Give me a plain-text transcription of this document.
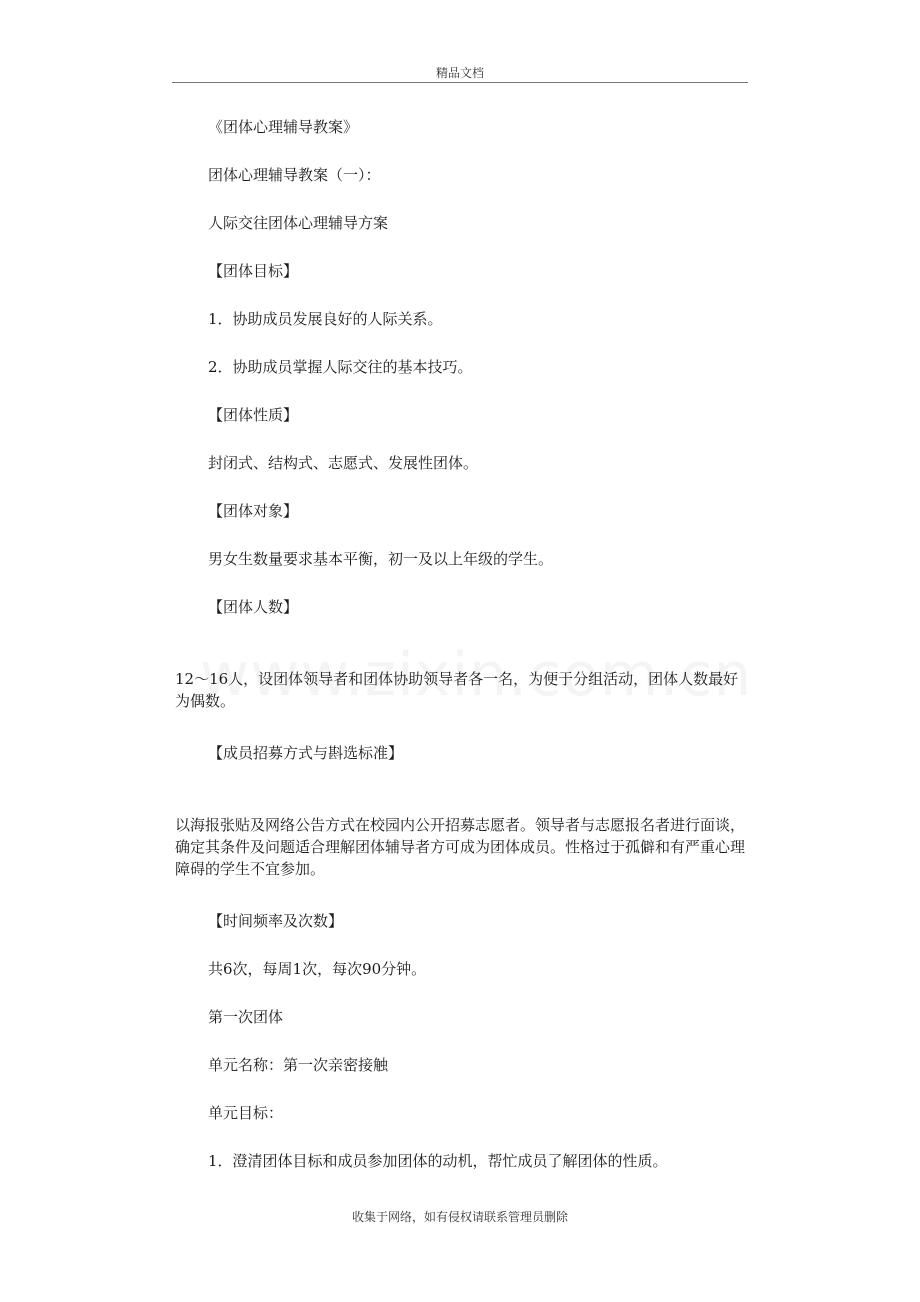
精品文档
《团体心理辅导教案》
团体心理辅导教案（一）：
人际交往团体心理辅导方案
【团体目标】
1．协助成员发展良好的人际关系。
2．协助成员掌握人际交往的基本技巧。
【团体性质】
封闭式、结构式、志愿式、发展性团体。
【团体对象】
男女生数量要求基本平衡，初一及以上年级的学生。
【团体人数】
12～16人，设团体领导者和团体协助领导者各一名，为便于分组活动，团体人数最好为偶数。
【成员招募方式与斟选标准】
以海报张贴及网络公告方式在校园内公开招募志愿者。领导者与志愿报名者进行面谈，确定其条件及问题适合理解团体辅导者方可成为团体成员。性格过于孤僻和有严重心理障碍的学生不宜参加。
【时间频率及次数】
共6次，每周1次，每次90分钟。
第一次团体
单元名称：第一次亲密接触
单元目标：
1．澄清团体目标和成员参加团体的动机，帮忙成员了解团体的性质。
收集于网络，如有侵权请联系管理员删除
